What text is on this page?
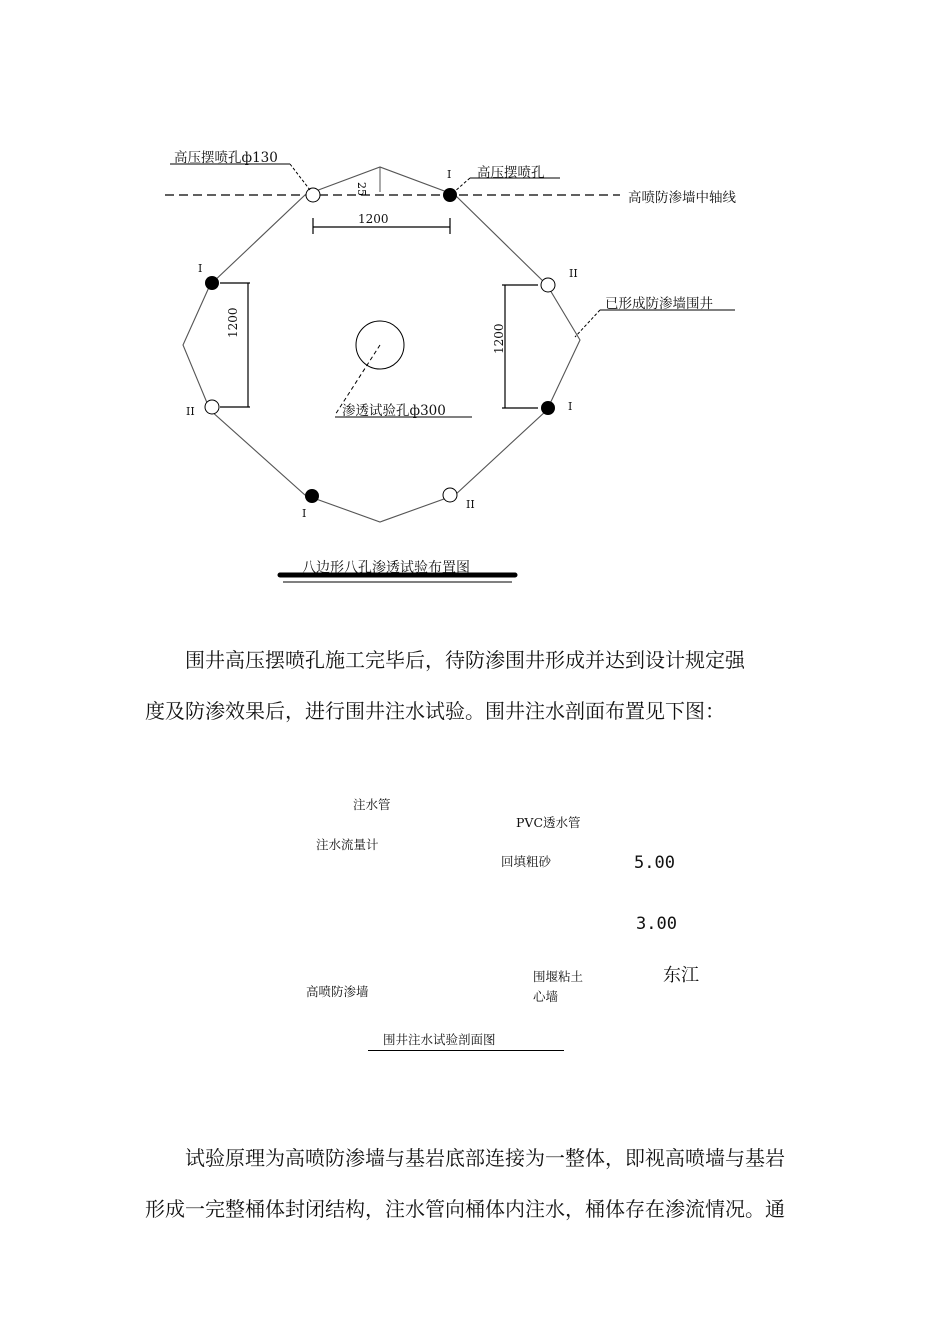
25
高压摆喷孔ф130
高压摆喷孔
高喷防渗墙中轴线
已形成防渗墙围井
渗透试验孔ф300
1200
1200
1200
I
I
I
I
II
II
II
八边形八孔渗透试验布置图
围井高压摆喷孔施工完毕后，待防渗围井形成并达到设计规定强
度及防渗效果后，进行围井注水试验。围井注水剖面布置见下图：
注水管
PVC透水管
注水流量计
回填粗砂	5.00
3.00
东江
围堰粘土
心墙
高喷防渗墙
围井注水试验剖面图
试验原理为高喷防渗墙与基岩底部连接为一整体，即视高喷墙与基岩
形成一完整桶体封闭结构，注水管向桶体内注水，桶体存在渗流情况。通
